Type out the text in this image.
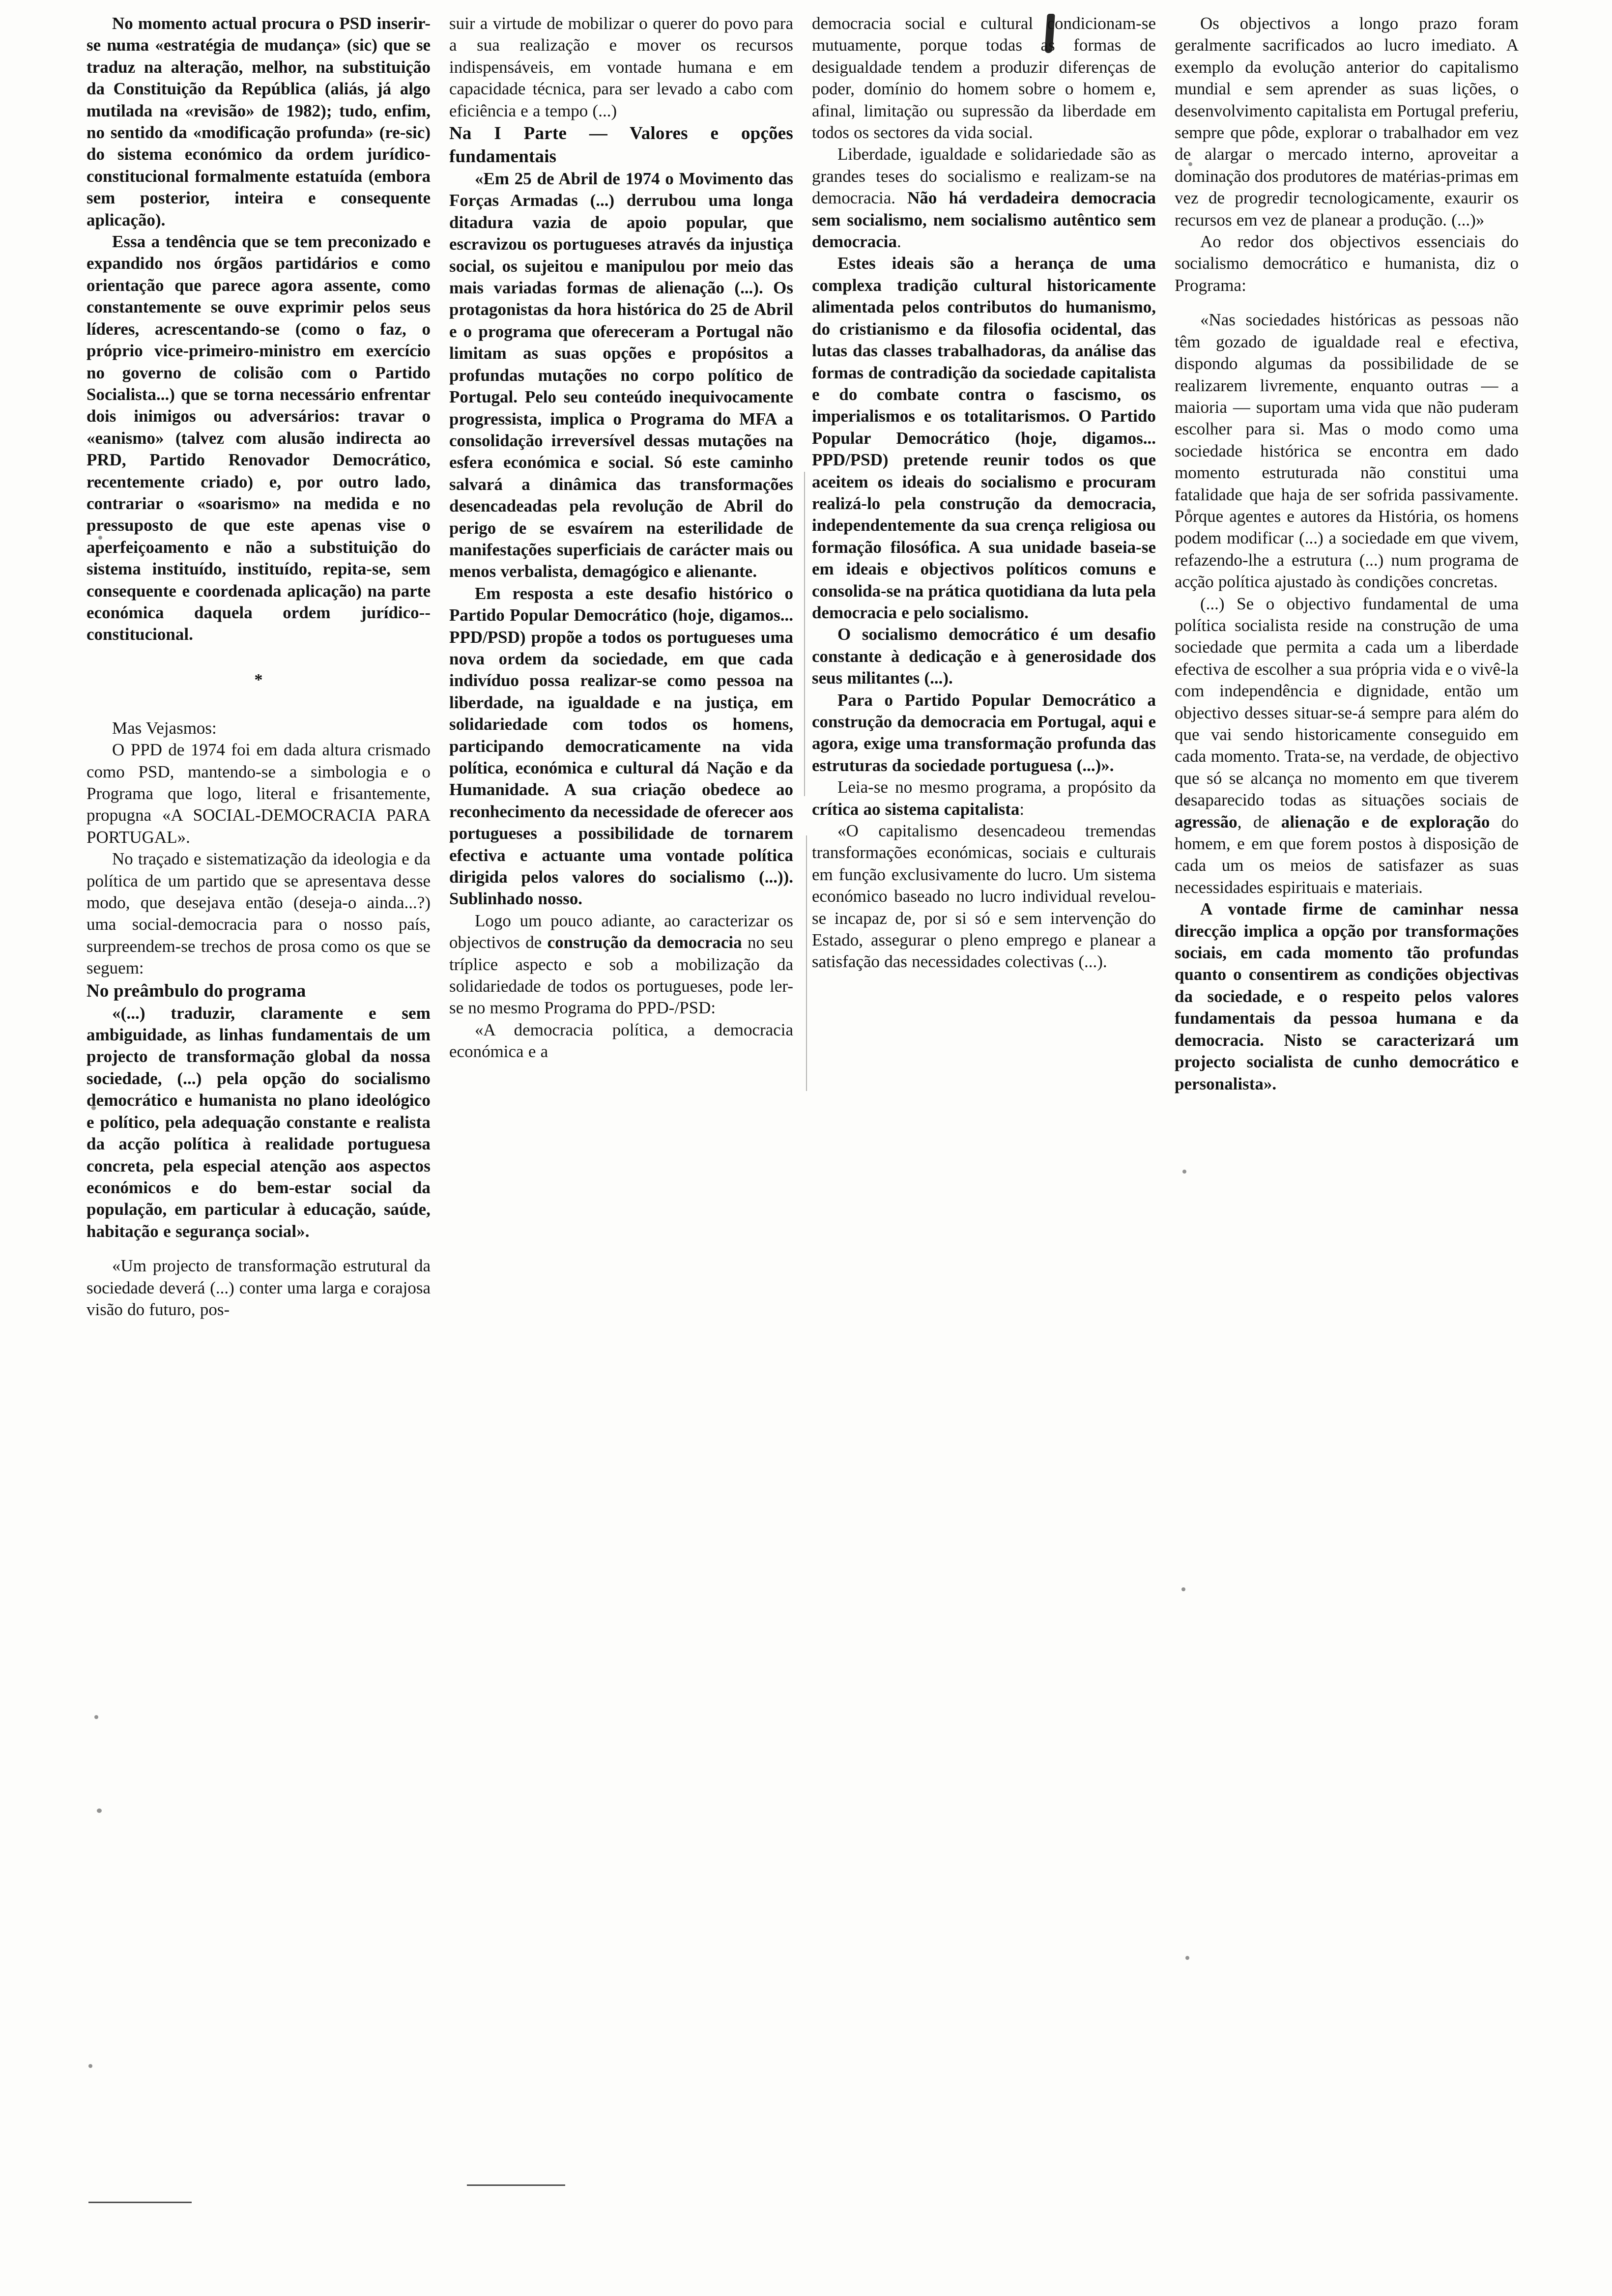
No momento actual procura o PSD inserir-se numa «estratégia de mudança» (sic) que se traduz na alteração, melhor, na substituição da Constituição da República (aliás, já algo mutilada na «revisão» de 1982); tudo, enfim, no sentido da «modificação profunda» (re-sic) do sistema económico da ordem jurídico-constitucional formalmente estatuída (embora sem posterior, inteira e consequente aplicação).

Essa a tendência que se tem preconizado e expandido nos órgãos partidários e como orientação que parece agora assente, como constantemente se ouve exprimir pelos seus líderes, acrescentando-se (como o faz, o próprio vice-primeiro-ministro em exercício no governo de colisão com o Partido Socialista...) que se torna necessário enfrentar dois inimigos ou adversários: travar o «eanismo» (talvez com alusão indirecta ao PRD, Partido Renovador Democrático, recentemente criado) e, por outro lado, contrariar o «soarismo» na medida e no pressuposto de que este apenas vise o aperfeiçoamento e não a substituição do sistema instituído, instituído, repita-se, sem consequente e coordenada aplicação) na parte económica daquela ordem jurídico--constitucional.

*

Mas Vejasmos:

O PPD de 1974 foi em dada altura crismado como PSD, mantendo-se a simbologia e o Programa que logo, literal e frisantemente, propugna «A SOCIAL-DEMOCRACIA PARA PORTUGAL».

No traçado e sistematização da ideologia e da política de um partido que se apresentava desse modo, que desejava então (deseja-o ainda...?) uma social-democracia para o nosso país, surpreendem-se trechos de prosa como os que se seguem:

No preâmbulo do programa

«(...) traduzir, claramente e sem ambiguidade, as linhas fundamentais de um projecto de transformação global da nossa sociedade, (...) pela opção do socialismo democrático e humanista no plano ideológico e político, pela adequação constante e realista da acção política à realidade portuguesa concreta, pela especial atenção aos aspectos económicos e do bem-estar social da população, em particular à educação, saúde, habitação e segurança social».

«Um projecto de transformação estrutural da sociedade deverá (...) conter uma larga e corajosa visão do futuro, pos-

suir a virtude de mobilizar o querer do povo para a sua realização e mover os recursos indispensáveis, em vontade humana e em capacidade técnica, para ser levado a cabo com eficiência e a tempo (...)

Na I Parte — Valores e opções fundamentais

«Em 25 de Abril de 1974 o Movimento das Forças Armadas (...) derrubou uma longa ditadura vazia de apoio popular, que escravizou os portugueses através da injustiça social, os sujeitou e manipulou por meio das mais variadas formas de alienação (...). Os protagonistas da hora histórica do 25 de Abril e o programa que ofereceram a Portugal não limitam as suas opções e propósitos a profundas mutações no corpo político de Portugal. Pelo seu conteúdo inequivocamente progressista, implica o Programa do MFA a consolidação irreversível dessas mutações na esfera económica e social. Só este caminho salvará a dinâmica das transformações desencadeadas pela revolução de Abril do perigo de se esvaírem na esterilidade de manifestações superficiais de carácter mais ou menos verbalista, demagógico e alienante.

Em resposta a este desafio histórico o Partido Popular Democrático (hoje, digamos... PPD/PSD) propõe a todos os portugueses uma nova ordem da sociedade, em que cada indivíduo possa realizar-se como pessoa na liberdade, na igualdade e na justiça, em solidariedade com todos os homens, participando democraticamente na vida política, económica e cultural dá Nação e da Humanidade. A sua criação obedece ao reconhecimento da necessidade de oferecer aos portugueses a possibilidade de tornarem efectiva e actuante uma vontade política dirigida pelos valores do socialismo (...)). Sublinhado nosso.

Logo um pouco adiante, ao caracterizar os objectivos de construção da democracia no seu tríplice aspecto e sob a mobilização da solidariedade de todos os portugueses, pode ler-se no mesmo Programa do PPD-/PSD:

«A democracia política, a democracia económica e a

democracia social e cultural condicionam-se mutuamente, porque todas as formas de desigualdade tendem a produzir diferenças de poder, domínio do homem sobre o homem e, afinal, limitação ou supressão da liberdade em todos os sectores da vida social.

Liberdade, igualdade e solidariedade são as grandes teses do socialismo e realizam-se na democracia. Não há verdadeira democracia sem socialismo, nem socialismo autêntico sem democracia.

Estes ideais são a herança de uma complexa tradição cultural historicamente alimentada pelos contributos do humanismo, do cristianismo e da filosofia ocidental, das lutas das classes trabalhadoras, da análise das formas de contradição da sociedade capitalista e do combate contra o fascismo, os imperialismos e os totalitarismos. O Partido Popular Democrático (hoje, digamos... PPD/PSD) pretende reunir todos os que aceitem os ideais do socialismo e procuram realizá-lo pela construção da democracia, independentemente da sua crença religiosa ou formação filosófica. A sua unidade baseia-se em ideais e objectivos políticos comuns e consolida-se na prática quotidiana da luta pela democracia e pelo socialismo.

O socialismo democrático é um desafio constante à dedicação e à generosidade dos seus militantes (...).

Para o Partido Popular Democrático a construção da democracia em Portugal, aqui e agora, exige uma transformação profunda das estruturas da sociedade portuguesa (...)».

Leia-se no mesmo programa, a propósito da crítica ao sistema capitalista:

«O capitalismo desencadeou tremendas transformações económicas, sociais e culturais em função exclusivamente do lucro. Um sistema económico baseado no lucro individual revelou-se incapaz de, por si só e sem intervenção do Estado, assegurar o pleno emprego e planear a satisfação das necessidades colectivas (...).

Os objectivos a longo prazo foram geralmente sacrificados ao lucro imediato. A exemplo da evolução anterior do capitalismo mundial e sem aprender as suas lições, o desenvolvimento capitalista em Portugal preferiu, sempre que pôde, explorar o trabalhador em vez de alargar o mercado interno, aproveitar a dominação dos produtores de matérias-primas em vez de progredir tecnologicamente, exaurir os recursos em vez de planear a produção. (...)»

Ao redor dos objectivos essenciais do socialismo democrático e humanista, diz o Programa:

«Nas sociedades históricas as pessoas não têm gozado de igualdade real e efectiva, dispondo algumas da possibilidade de se realizarem livremente, enquanto outras — a maioria — suportam uma vida que não puderam escolher para si. Mas o modo como uma sociedade histórica se encontra em dado momento estruturada não constitui uma fatalidade que haja de ser sofrida passivamente. Porque agentes e autores da História, os homens podem modificar (...) a sociedade em que vivem, refazendo-lhe a estrutura (...) num programa de acção política ajustado às condições concretas.

(...) Se o objectivo fundamental de uma política socialista reside na construção de uma sociedade que permita a cada um a liberdade efectiva de escolher a sua própria vida e o vivê-la com independência e dignidade, então um objectivo desses situar-se-á sempre para além do que vai sendo historicamente conseguido em cada momento. Trata-se, na verdade, de objectivo que só se alcança no momento em que tiverem desaparecido todas as situações sociais de agressão, de alienação e de exploração do homem, e em que forem postos à disposição de cada um os meios de satisfazer as suas necessidades espirituais e materiais.

A vontade firme de caminhar nessa direcção implica a opção por transformações sociais, em cada momento tão profundas quanto o consentirem as condições objectivas da sociedade, e o respeito pelos valores fundamentais da pessoa humana e da democracia. Nisto se caracterizará um projecto socialista de cunho democrático e personalista».
